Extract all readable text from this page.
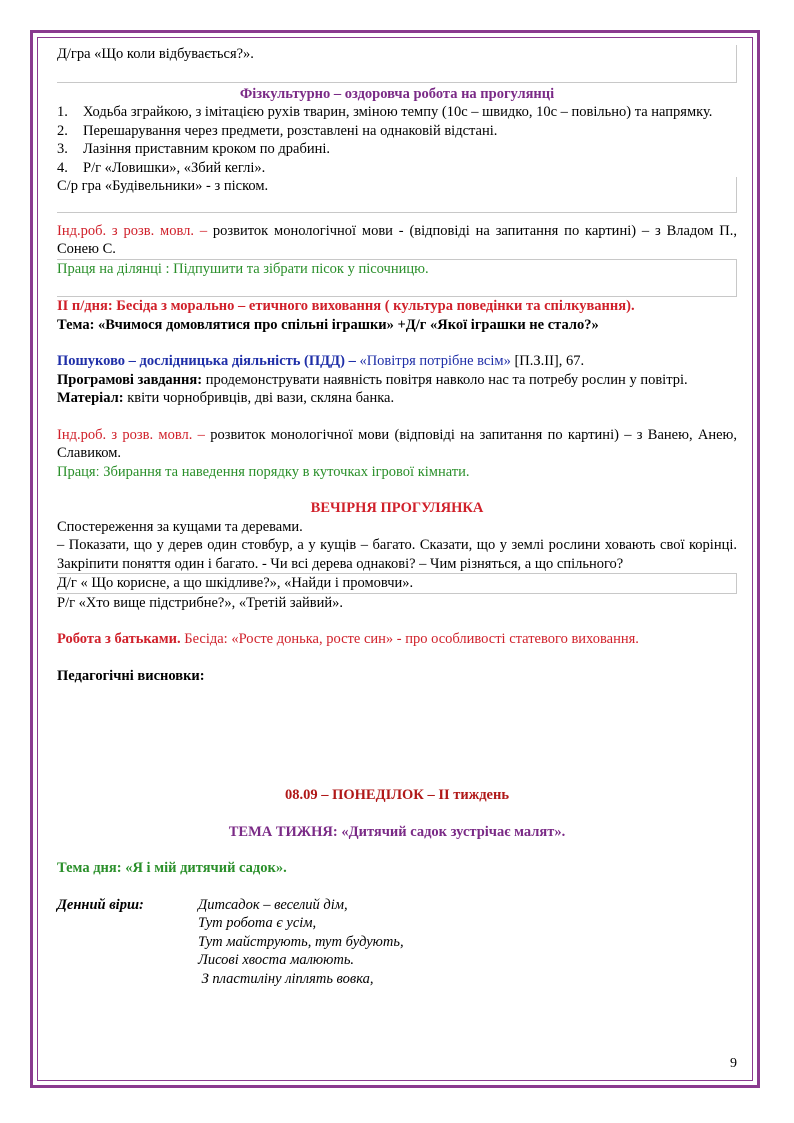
Д/гра «Що коли відбувається?».

Фізкультурно – оздоровча робота на прогулянці

1.	Ходьба зграйкою, з імітацією рухів тварин, зміною темпу (10с – швидко, 10с – повільно) та напрямку.
2.	Перешарування через предмети, розставлені на однаковій відстані.
3.	Лазіння приставним кроком по драбині.
4.	Р/г «Ловишки», «Збий кеглі».

С/р гра «Будівельники» - з піском.

Інд.роб. з розв. мовл. – розвиток монологічної мови - (відповіді на запитання по картині) – з Владом П., Сонею С.

Праця на ділянці : Підпушити та зібрати пісок у пісочницю.

ІІ п/дня: Бесіда з морально – етичного виховання ( культура поведінки та спілкування).

Тема: «Вчимося домовлятися про спільні іграшки» +Д/г «Якої іграшки не стало?»

Пошуково – дослідницька діяльність (ПДД) – «Повітря потрібне всім» [П.З.ІІ], 67.

Програмові завдання: продемонструвати наявність повітря навколо нас та потребу рослин у повітрі.

Матеріал: квіти чорнобривців, дві вази, скляна банка.

Інд.роб. з розв. мовл. – розвиток монологічної мови (відповіді на запитання по картині) – з Ванею, Анею, Славиком.

Працяː Збирання та наведення порядку в куточках ігрової кімнати.

ВЕЧІРНЯ ПРОГУЛЯНКА

Спостереження за кущами та деревами.

– Показати, що у дерев один стовбур, а у кущів – багато. Сказати, що у землі рослини ховають свої корінці. Закріпити поняття один і багато. - Чи всі дерева однакові? – Чим різняться, а що спільного?

Д/г « Що корисне, а що шкідливе?», «Найди і промовчи».

Р/г «Хто вище підстрибне?», «Третій зайвий».

Робота з батьками. Бесіда: «Росте донька, росте син» - про особливості статевого виховання.

Педагогічні висновки:

08.09 – ПОНЕДІЛОК – ІІ тиждень

ТЕМА ТИЖНЯ: «Дитячий садок зустрічає малят».

Тема дня: «Я і мій дитячий садок».

Денний вірш:	Дитсадок – веселий дім,

Тут робота є усім,

Тут майструють, тут будують,

Лисові хвоста малюють.

З пластиліну ліплять вовка,

9
